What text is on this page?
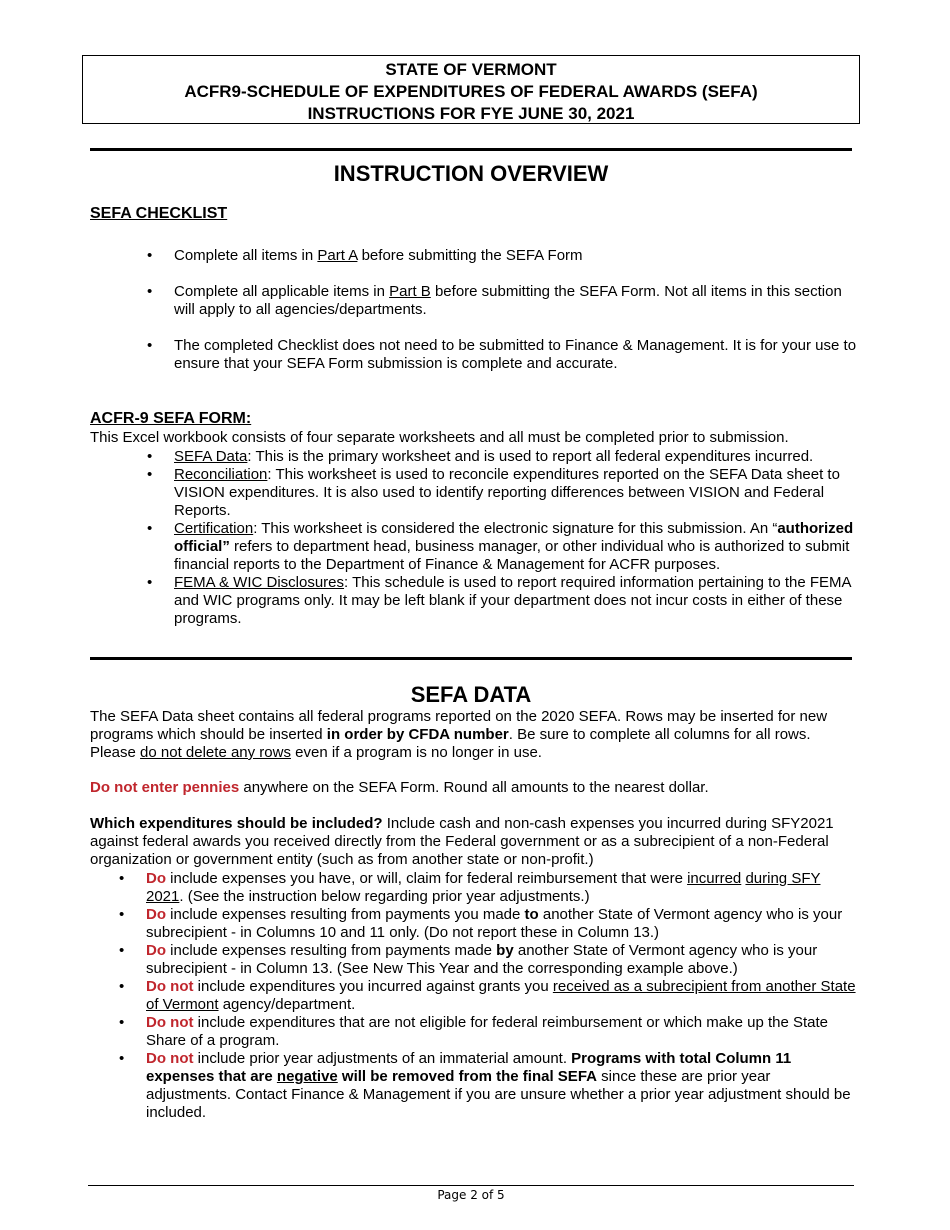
STATE OF VERMONT
ACFR9-SCHEDULE OF EXPENDITURES OF FEDERAL AWARDS (SEFA)
INSTRUCTIONS FOR FYE JUNE 30, 2021
INSTRUCTION OVERVIEW
SEFA CHECKLIST
• Complete all items in Part A before submitting the SEFA Form
• Complete all applicable items in Part B before submitting the SEFA Form. Not all items in this section will apply to all agencies/departments.
• The completed Checklist does not need to be submitted to Finance & Management. It is for your use to ensure that your SEFA Form submission is complete and accurate.
ACFR-9 SEFA FORM:
This Excel workbook consists of four separate worksheets and all must be completed prior to submission.
• SEFA Data: This is the primary worksheet and is used to report all federal expenditures incurred.
• Reconciliation: This worksheet is used to reconcile expenditures reported on the SEFA Data sheet to VISION expenditures. It is also used to identify reporting differences between VISION and Federal Reports.
• Certification: This worksheet is considered the electronic signature for this submission. An “authorized official” refers to department head, business manager, or other individual who is authorized to submit financial reports to the Department of Finance & Management for ACFR purposes.
• FEMA & WIC Disclosures: This schedule is used to report required information pertaining to the FEMA and WIC programs only. It may be left blank if your department does not incur costs in either of these programs.
SEFA DATA
The SEFA Data sheet contains all federal programs reported on the 2020 SEFA. Rows may be inserted for new programs which should be inserted in order by CFDA number. Be sure to complete all columns for all rows. Please do not delete any rows even if a program is no longer in use.
Do not enter pennies anywhere on the SEFA Form. Round all amounts to the nearest dollar.
Which expenditures should be included? Include cash and non-cash expenses you incurred during SFY2021 against federal awards you received directly from the Federal government or as a subrecipient of a non-Federal organization or government entity (such as from another state or non-profit.)
• Do include expenses you have, or will, claim for federal reimbursement that were incurred during SFY 2021. (See the instruction below regarding prior year adjustments.)
• Do include expenses resulting from payments you made to another State of Vermont agency who is your subrecipient - in Columns 10 and 11 only. (Do not report these in Column 13.)
• Do include expenses resulting from payments made by another State of Vermont agency who is your subrecipient - in Column 13. (See New This Year and the corresponding example above.)
• Do not include expenditures you incurred against grants you received as a subrecipient from another State of Vermont agency/department.
• Do not include expenditures that are not eligible for federal reimbursement or which make up the State Share of a program.
• Do not include prior year adjustments of an immaterial amount. Programs with total Column 11 expenses that are negative will be removed from the final SEFA since these are prior year adjustments. Contact Finance & Management if you are unsure whether a prior year adjustment should be included.
Page 2 of 5
